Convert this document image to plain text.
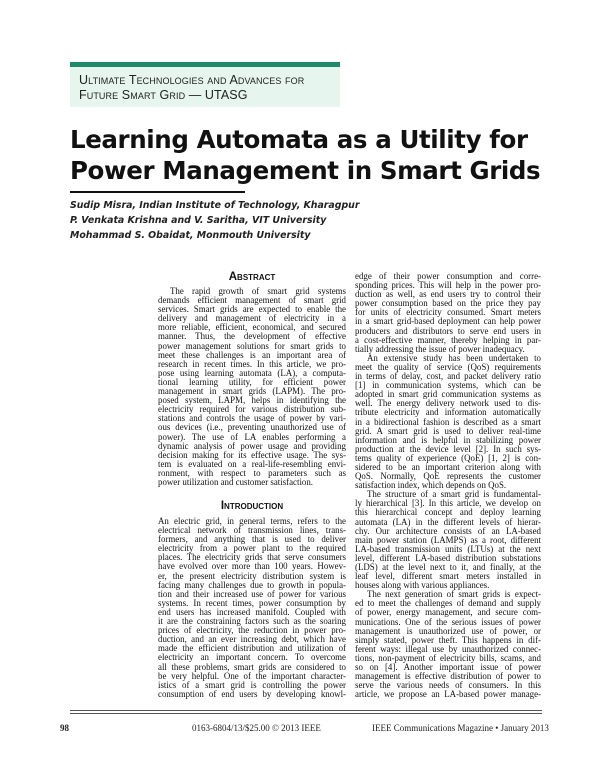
Ultimate Technologies and Advances for
Future Smart Grid — UTASG
Learning Automata as a Utility for
Power Management in Smart Grids
Sudip Misra, Indian Institute of Technology, Kharagpur
P. Venkata Krishna and V. Saritha, VIT University
Mohammad S. Obaidat, Monmouth University
Abstract
The rapid growth of smart grid systems
demands efficient management of smart grid
services. Smart grids are expected to enable the
delivery and management of electricity in a
more reliable, efficient, economical, and secured
manner. Thus, the development of effective
power management solutions for smart grids to
meet these challenges is an important area of
research in recent times. In this article, we pro-
pose using learning automata (LA), a computa-
tional learning utility, for efficient power
management in smart grids (LAPM). The pro-
posed system, LAPM, helps in identifying the
electricity required for various distribution sub-
stations and controls the usage of power by vari-
ous devices (i.e., preventing unauthorized use of
power). The use of LA enables performing a
dynamic analysis of power usage and providing
decision making for its effective usage. The sys-
tem is evaluated on a real-life-resembling envi-
ronment, with respect to parameters such as
power utilization and customer satisfaction.
Introduction
An electric grid, in general terms, refers to the
electrical network of transmission lines, trans-
formers, and anything that is used to deliver
electricity from a power plant to the required
places. The electricity grids that serve consumers
have evolved over more than 100 years. Howev-
er, the present electricity distribution system is
facing many challenges due to growth in popula-
tion and their increased use of power for various
systems. In recent times, power consumption by
end users has increased manifold. Coupled with
it are the constraining factors such as the soaring
prices of electricity, the reduction in power pro-
duction, and an ever increasing debt, which have
made the efficient distribution and utilization of
electricity an important concern. To overcome
all these problems, smart grids are considered to
be very helpful. One of the important character-
istics of a smart grid is controlling the power
consumption of end users by developing knowl-
edge of their power consumption and corre-
sponding prices. This will help in the power pro-
duction as well, as end users try to control their
power consumption based on the price they pay
for units of electricity consumed. Smart meters
in a smart grid-based deployment can help power
producers and distributors to serve end users in
a cost-effective manner, thereby helping in par-
tially addressing the issue of power inadequacy.
An extensive study has been undertaken to
meet the quality of service (QoS) requirements
in terms of delay, cost, and packet delivery ratio
[1] in communication systems, which can be
adopted in smart grid communication systems as
well. The energy delivery network used to dis-
tribute electricity and information automatically
in a bidirectional fashion is described as a smart
grid. A smart grid is used to deliver real-time
information and is helpful in stabilizing power
production at the device level [2]. In such sys-
tems quality of experience (QoE) [1, 2] is con-
sidered to be an important criterion along with
QoS. Normally, QoE represents the customer
satisfaction index, which depends on QoS.
The structure of a smart grid is fundamental-
ly hierarchical [3]. In this article, we develop on
this hierarchical concept and deploy learning
automata (LA) in the different levels of hierar-
chy. Our architecture consists of an LA-based
main power station (LAMPS) as a root, different
LA-based transmission units (LTUs) at the next
level, different LA-based distribution substations
(LDS) at the level next to it, and finally, at the
leaf level, different smart meters installed in
houses along with various appliances.
The next generation of smart grids is expect-
ed to meet the challenges of demand and supply
of power, energy management, and secure com-
munications. One of the serious issues of power
management is unauthorized use of power, or
simply stated, power theft. This happens in dif-
ferent ways: illegal use by unauthorized connec-
tions, non-payment of electricity bills, scams, and
so on [4]. Another important issue of power
management is effective distribution of power to
serve the various needs of consumers. In this
article, we propose an LA-based power manage-
98	0163-6804/13/$25.00 © 2013 IEEE	IEEE Communications Magazine • January 2013
